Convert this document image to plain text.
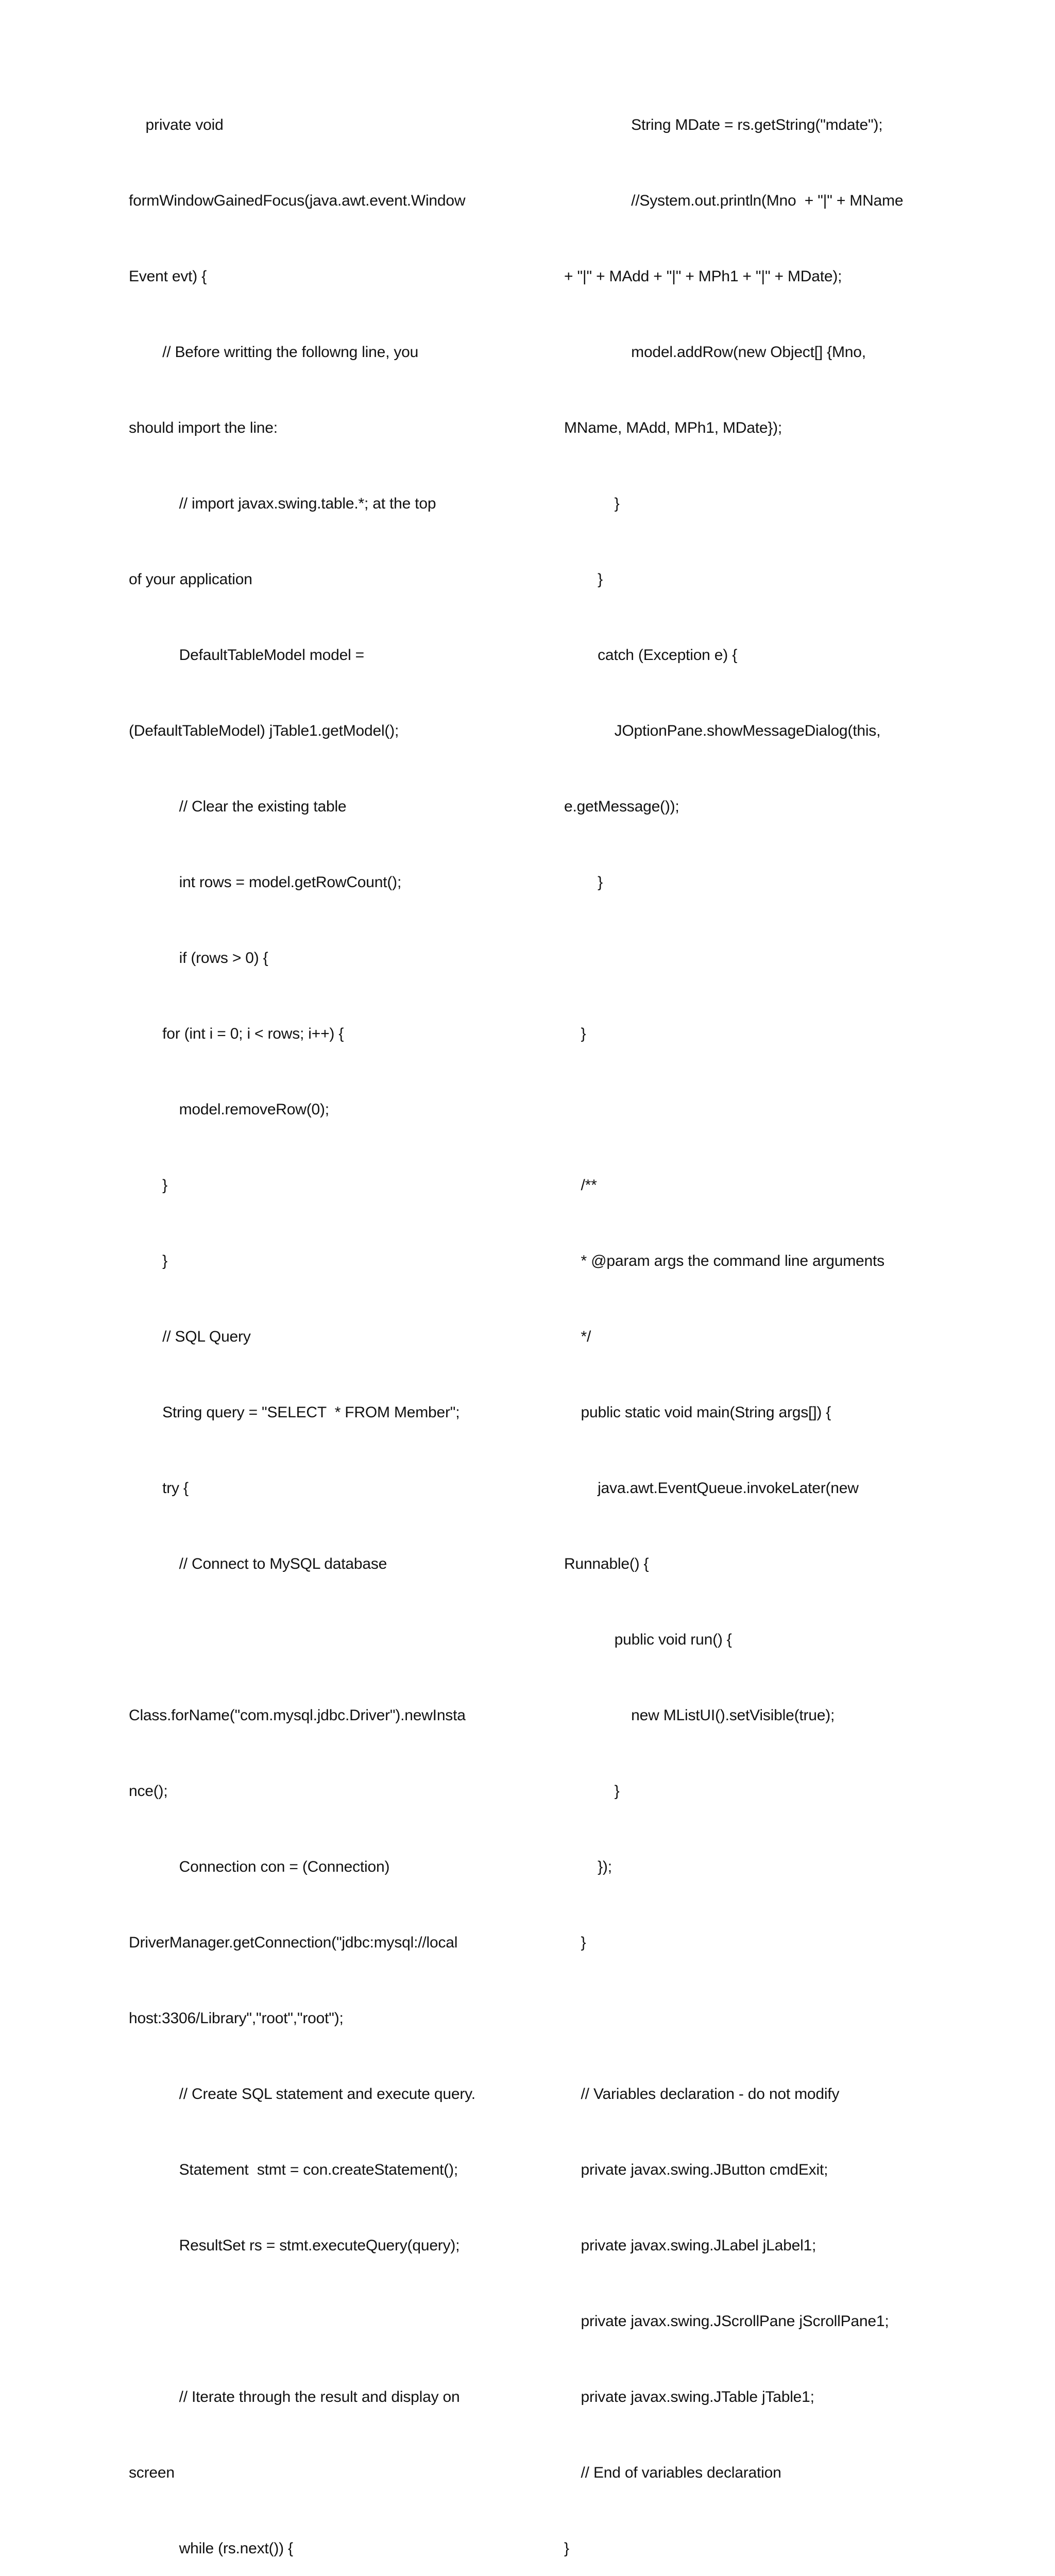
private void

formWindowGainedFocus(java.awt.event.Window

Event evt) {

// Before writting the followng line, you

should import the line:

// import javax.swing.table.*; at the top

of your application

DefaultTableModel model =

(DefaultTableModel) jTable1.getModel();

// Clear the existing table

int rows = model.getRowCount();

if (rows > 0) {

for (int i = 0; i < rows; i++) {

model.removeRow(0);

}

}

// SQL Query

String query = "SELECT  * FROM Member";

try {

// Connect to MySQL database

Class.forName("com.mysql.jdbc.Driver").newInsta

nce();

Connection con = (Connection)

DriverManager.getConnection("jdbc:mysql://local

host:3306/Library","root","root");

// Create SQL statement and execute query.

Statement  stmt = con.createStatement();

ResultSet rs = stmt.executeQuery(query);

// Iterate through the result and display on

screen

while (rs.next()) {

String MDate = rs.getString("mdate");

//System.out.println(Mno  + "|" + MName

+ "|" + MAdd + "|" + MPh1 + "|" + MDate);

model.addRow(new Object[] {Mno,

MName, MAdd, MPh1, MDate});

}

}

catch (Exception e) {

JOptionPane.showMessageDialog(this,

e.getMessage());

}

}

/**

* @param args the command line arguments

*/

public static void main(String args[]) {

java.awt.EventQueue.invokeLater(new

Runnable() {

public void run() {

new MListUI().setVisible(true);

}

});

}

// Variables declaration - do not modify

private javax.swing.JButton cmdExit;

private javax.swing.JLabel jLabel1;

private javax.swing.JScrollPane jScrollPane1;

private javax.swing.JTable jTable1;

// End of variables declaration

}
